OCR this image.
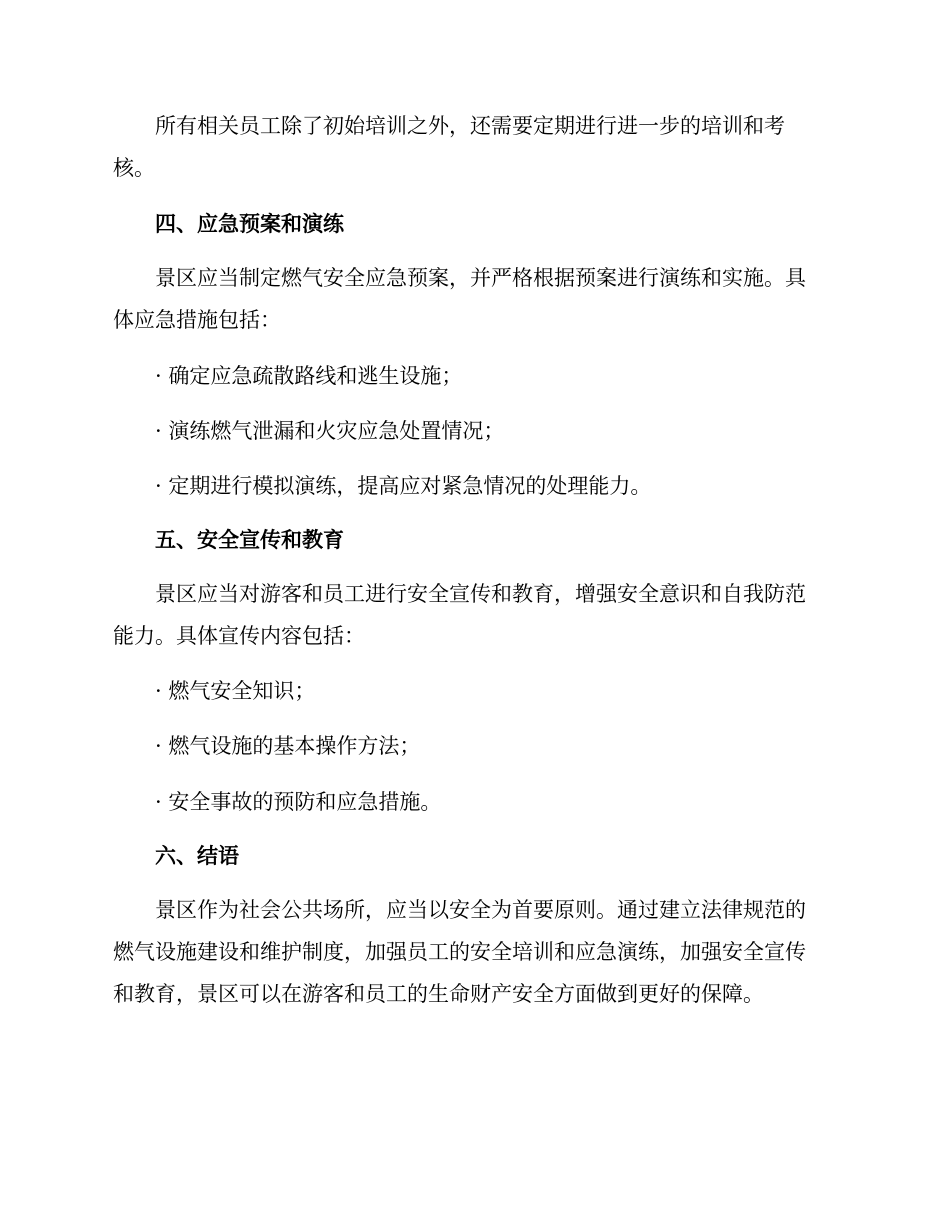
所有相关员工除了初始培训之外，还需要定期进行进一步的培训和考
核。

四、应急预案和演练

景区应当制定燃气安全应急预案，并严格根据预案进行演练和实施。具
体应急措施包括：

· 确定应急疏散路线和逃生设施；

· 演练燃气泄漏和火灾应急处置情况；

· 定期进行模拟演练，提高应对紧急情况的处理能力。

五、安全宣传和教育

景区应当对游客和员工进行安全宣传和教育，增强安全意识和自我防范
能力。具体宣传内容包括：

· 燃气安全知识；

· 燃气设施的基本操作方法；

· 安全事故的预防和应急措施。

六、结语

景区作为社会公共场所，应当以安全为首要原则。通过建立法律规范的
燃气设施建设和维护制度，加强员工的安全培训和应急演练，加强安全宣传
和教育，景区可以在游客和员工的生命财产安全方面做到更好的保障。
